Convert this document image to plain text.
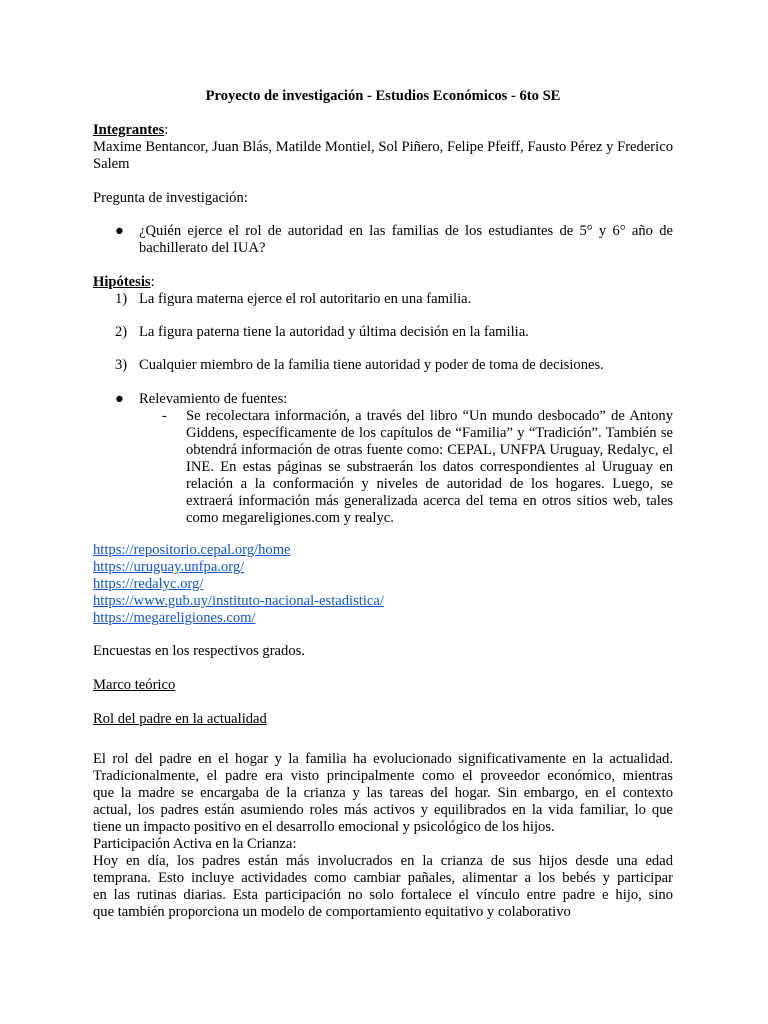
Proyecto de investigación - Estudios Económicos - 6to SE
Integrantes:
Maxime Bentancor, Juan Blás, Matilde Montiel, Sol Piñero, Felipe Pfeiff, Fausto Pérez y Frederico Salem
Pregunta de investigación:
● ¿Quién ejerce el rol de autoridad en las familias de los estudiantes de 5° y 6° año de bachillerato del IUA?
Hipótesis:
1) La figura materna ejerce el rol autoritario en una familia.
2) La figura paterna tiene la autoridad y última decisión en la familia.
3) Cualquier miembro de la familia tiene autoridad y poder de toma de decisiones.
● Relevamiento de fuentes:
- Se recolectara información, a través del libro “Un mundo desbocado” de Antony Giddens, específicamente de los capítulos de “Familia” y “Tradición”. También se obtendrá información de otras fuente como: CEPAL, UNFPA Uruguay, Redalyc, el INE. En estas páginas se substraerán los datos correspondientes al Uruguay en relación a la conformación y niveles de autoridad de los hogares. Luego, se extraerá información más generalizada acerca del tema en otros sitios web, tales como megareligiones.com y realyc.
https://repositorio.cepal.org/home
https://uruguay.unfpa.org/
https://redalyc.org/
https://www.gub.uy/instituto-nacional-estadistica/
https://megareligiones.com/
Encuestas en los respectivos grados.
Marco teórico
Rol del padre en la actualidad
El rol del padre en el hogar y la familia ha evolucionado significativamente en la actualidad.
Tradicionalmente, el padre era visto principalmente como el proveedor económico, mientras
que la madre se encargaba de la crianza y las tareas del hogar. Sin embargo, en el contexto
actual, los padres están asumiendo roles más activos y equilibrados en la vida familiar, lo que
tiene un impacto positivo en el desarrollo emocional y psicológico de los hijos.
Participación Activa en la Crianza:
Hoy en día, los padres están más involucrados en la crianza de sus hijos desde una edad
temprana. Esto incluye actividades como cambiar pañales, alimentar a los bebés y participar
en las rutinas diarias. Esta participación no solo fortalece el vínculo entre padre e hijo, sino
que también proporciona un modelo de comportamiento equitativo y colaborativo
